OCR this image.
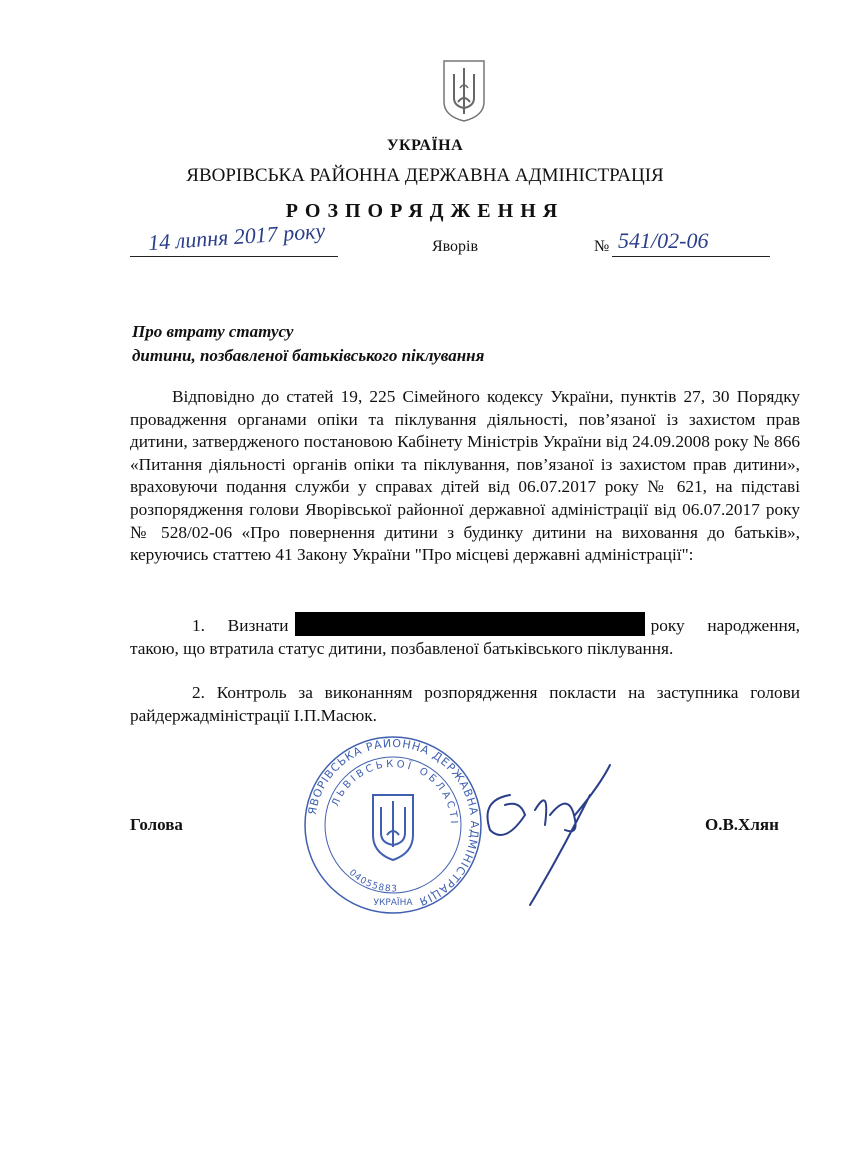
УКРАЇНА
ЯВОРІВСЬКА РАЙОННА ДЕРЖАВНА АДМІНІСТРАЦІЯ
РОЗПОРЯДЖЕННЯ
14 липня 2017 року	Яворів	№ 541/02-06
Про втрату статусу
дитини, позбавленої батьківського піклування
Відповідно до статей 19, 225 Сімейного кодексу України, пунктів 27, 30 Порядку провадження органами опіки та піклування діяльності, пов’язаної із захистом прав дитини, затвердженого постановою Кабінету Міністрів України від 24.09.2008 року № 866 «Питання діяльності органів опіки та піклування, пов’язаної із захистом прав дитини», враховуючи подання служби у справах дітей від 06.07.2017 року № 621, на підставі розпорядження голови Яворівської районної державної адміністрації від 06.07.2017 року № 528/02-06 «Про повернення дитини з будинку дитини на виховання до батьків», керуючись статтею 41 Закону України "Про місцеві державні адміністрації":
1. Визнати	року народження, такою, що втратила статус дитини, позбавленої батьківського піклування.
2. Контроль за виконанням розпорядження покласти на заступника голови райдержадміністрації І.П.Масюк.
Голова	О.В.Хлян
ЯВОРІВСЬКА РАЙОННА ДЕРЖАВНА АДМІНІСТРАЦІЯ
ЛЬВІВСЬКОЇ ОБЛАСТІ
04055883
УКРАЇНА
